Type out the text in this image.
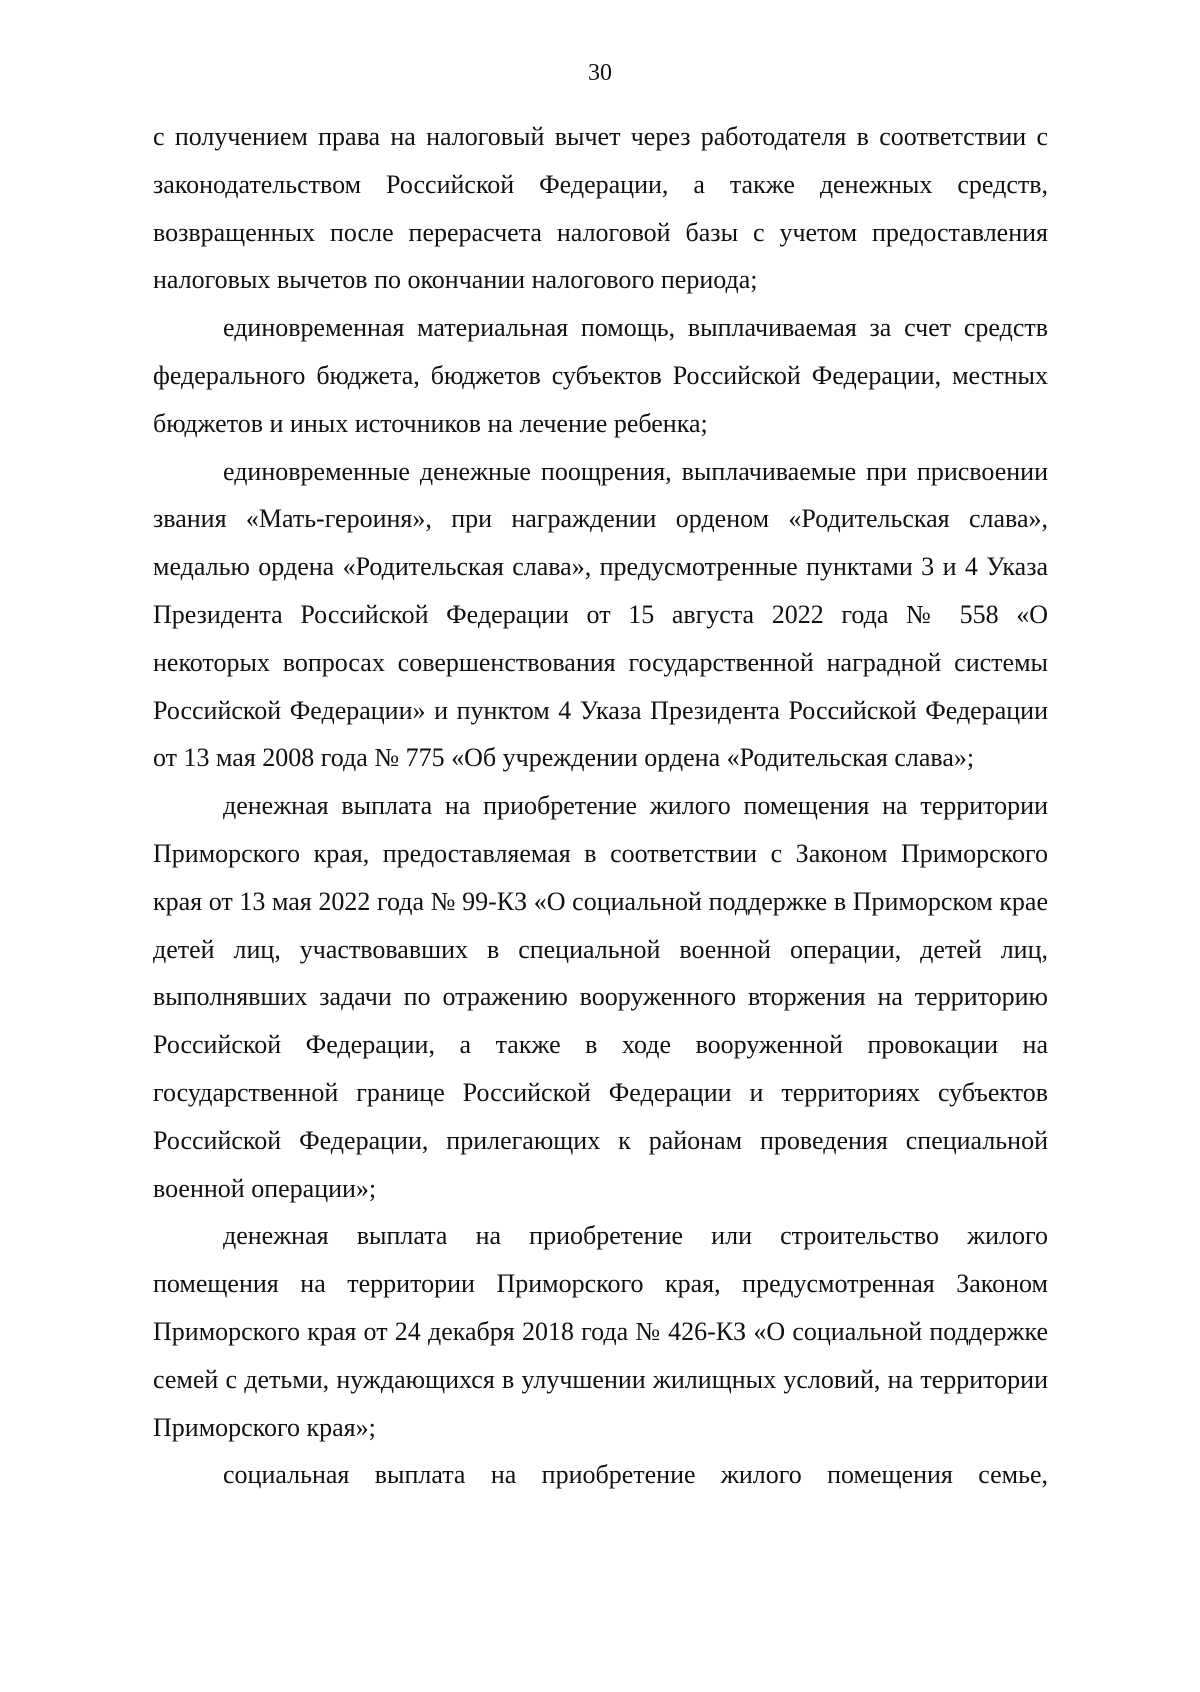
30

с получением права на налоговый вычет через работодателя в соответствии с законодательством Российской Федерации, а также денежных средств, возвращенных после перерасчета налоговой базы с учетом предоставления налоговых вычетов по окончании налогового периода;

единовременная материальная помощь, выплачиваемая за счет средств федерального бюджета, бюджетов субъектов Российской Федерации, местных бюджетов и иных источников на лечение ребенка;

единовременные денежные поощрения, выплачиваемые при присвоении звания «Мать-героиня», при награждении орденом «Родительская слава», медалью ордена «Родительская слава», предусмотренные пунктами 3 и 4 Указа Президента Российской Федерации от 15 августа 2022 года № 558 «О некоторых вопросах совершенствования государственной наградной системы Российской Федерации» и пунктом 4 Указа Президента Российской Федерации от 13 мая 2008 года № 775 «Об учреждении ордена «Родительская слава»;

денежная выплата на приобретение жилого помещения на территории Приморского края, предоставляемая в соответствии с Законом Приморского края от 13 мая 2022 года № 99-КЗ «О социальной поддержке в Приморском крае детей лиц, участвовавших в специальной военной операции, детей лиц, выполнявших задачи по отражению вооруженного вторжения на территорию Российской Федерации, а также в ходе вооруженной провокации на государственной границе Российской Федерации и территориях субъектов Российской Федерации, прилегающих к районам проведения специальной военной операции»;

денежная выплата на приобретение или строительство жилого помещения на территории Приморского края, предусмотренная Законом Приморского края от 24 декабря 2018 года № 426-КЗ «О социальной поддержке семей с детьми, нуждающихся в улучшении жилищных условий, на территории Приморского края»;

социальная выплата на приобретение жилого помещения семье,
